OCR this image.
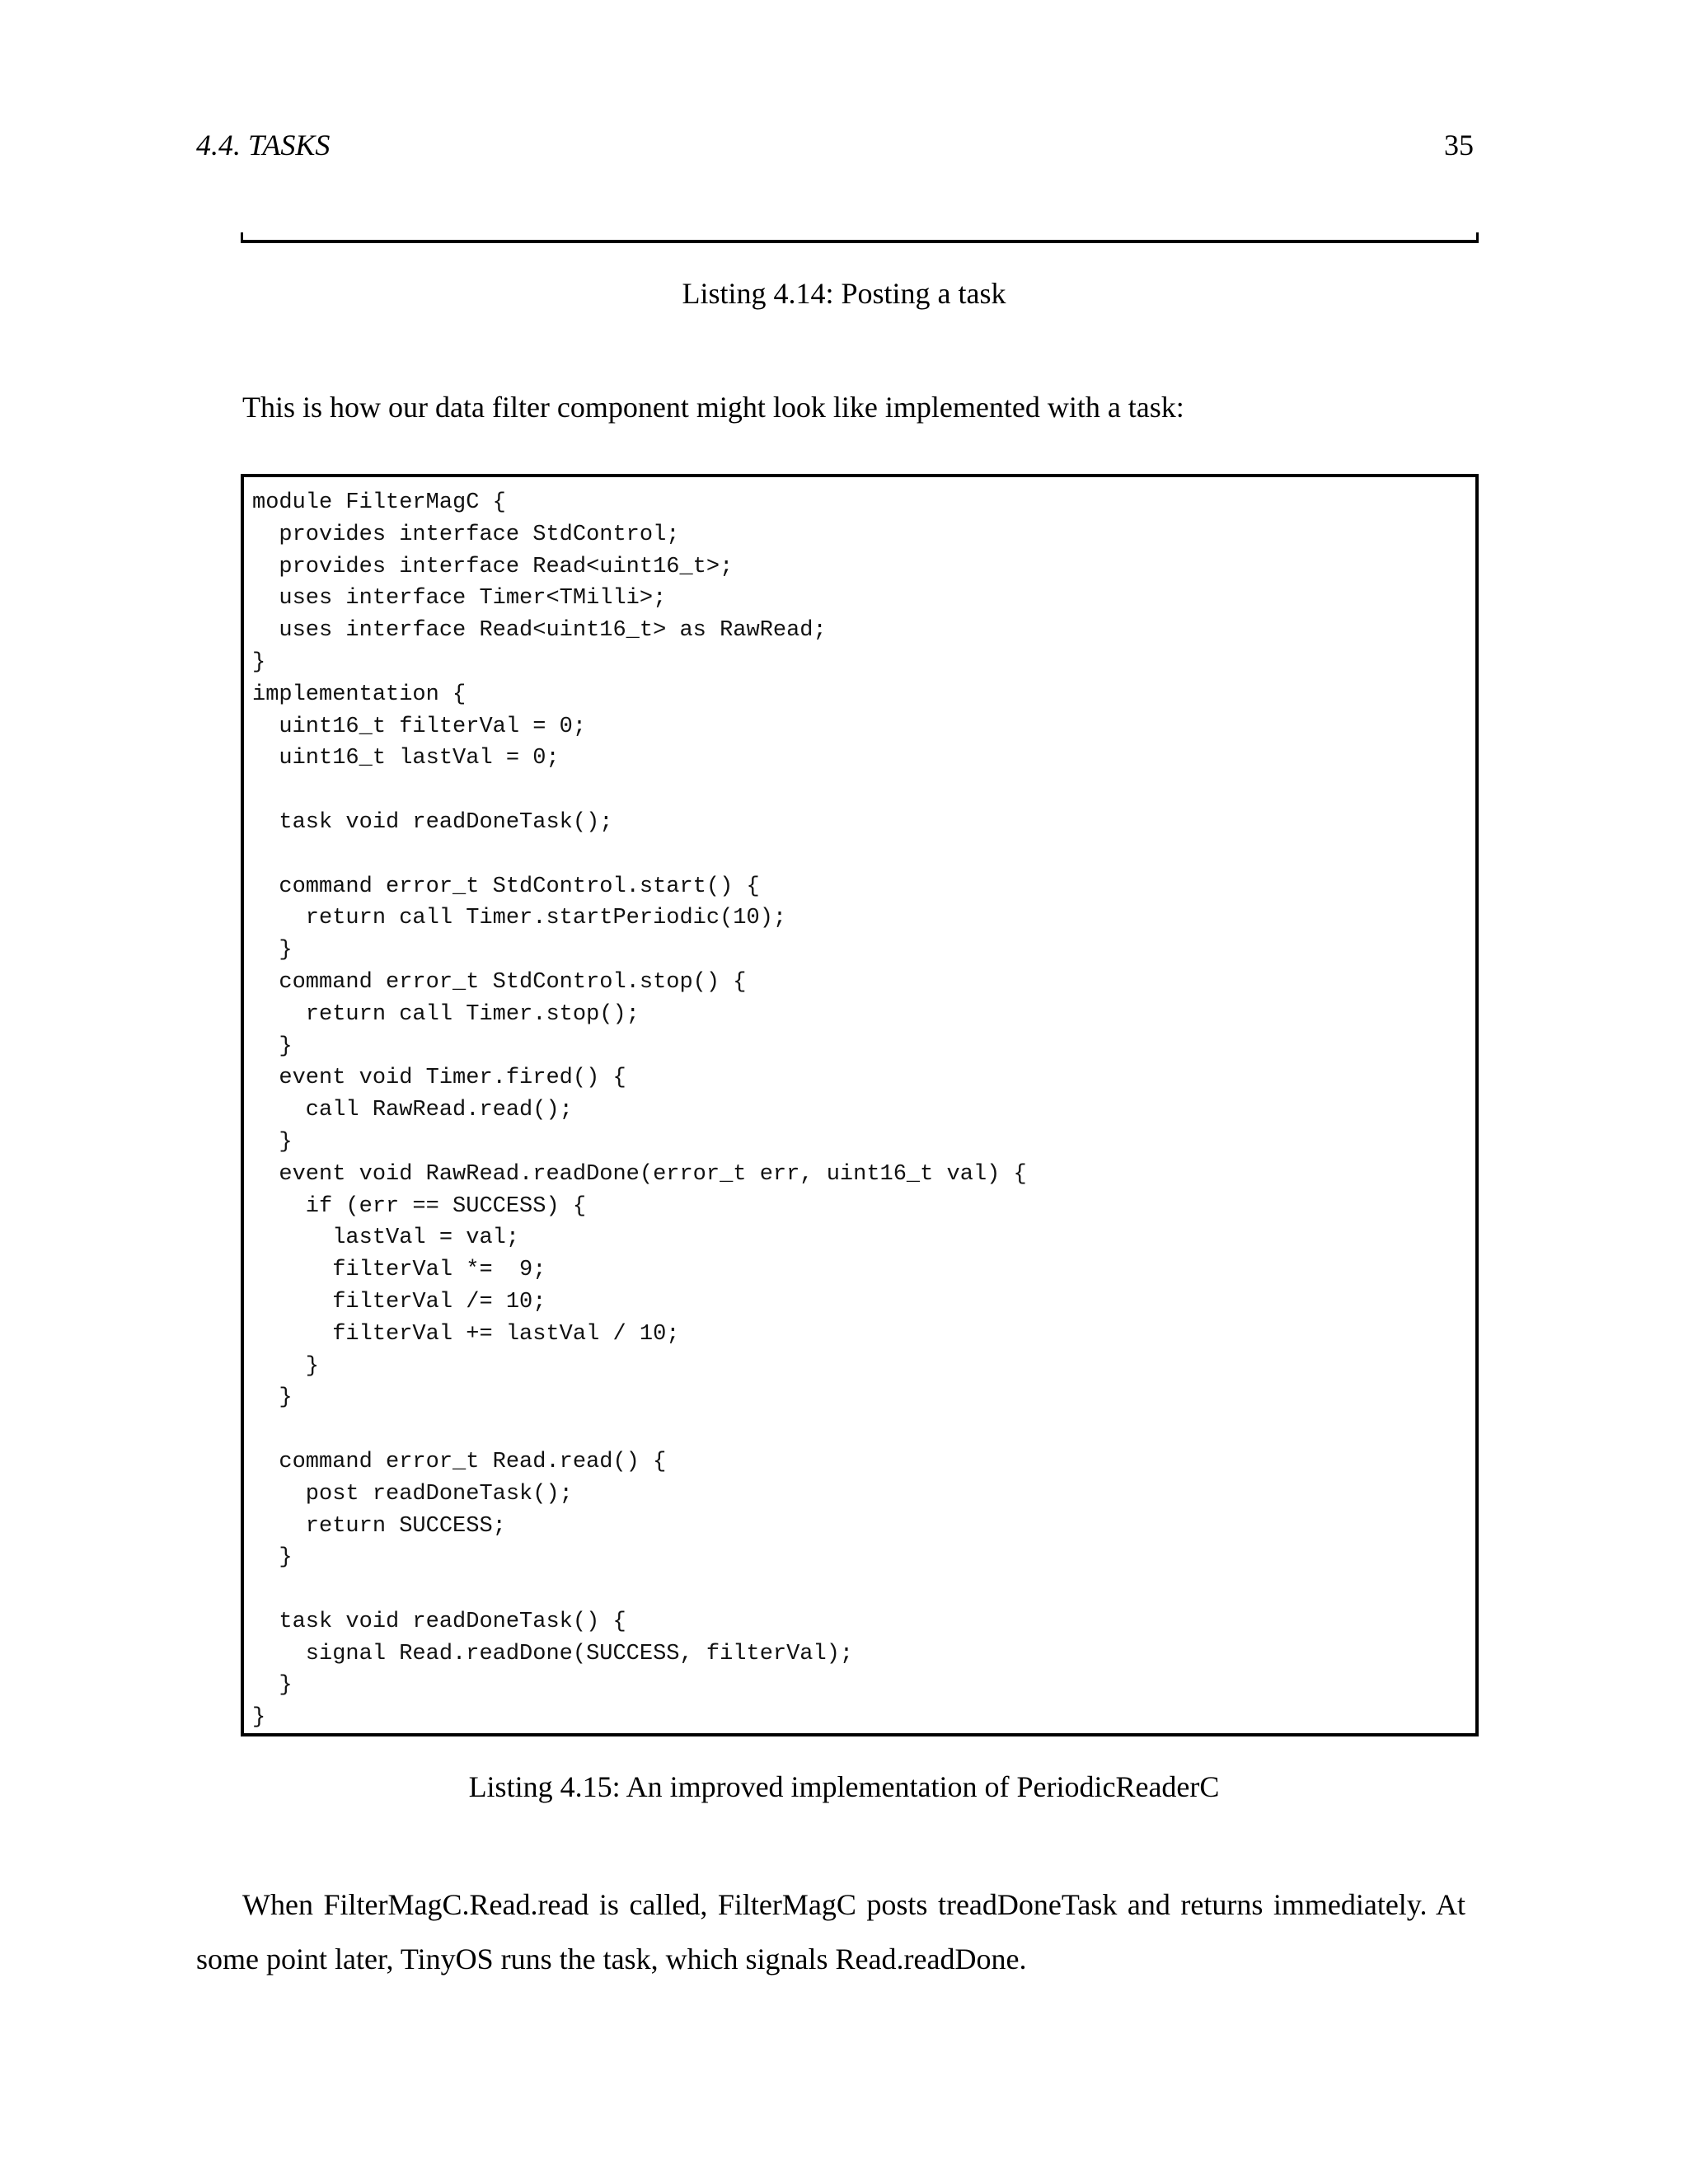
4.4. TASKS	35
Listing 4.14: Posting a task
This is how our data filter component might look like implemented with a task:
module FilterMagC {
provides interface StdControl;
provides interface Read<uint16_t>;
uses interface Timer<TMilli>;
uses interface Read<uint16_t> as RawRead;
}
implementation {
uint16_t filterVal = 0;
uint16_t lastVal = 0;
task void readDoneTask();
command error_t StdControl.start() {
return call Timer.startPeriodic(10);
}
command error_t StdControl.stop() {
return call Timer.stop();
}
event void Timer.fired() {
call RawRead.read();
}
event void RawRead.readDone(error_t err, uint16_t val) {
if (err == SUCCESS) {
lastVal = val;
filterVal *=  9;
filterVal /= 10;
filterVal += lastVal / 10;
}
}
command error_t Read.read() {
post readDoneTask();
return SUCCESS;
}
task void readDoneTask() {
signal Read.readDone(SUCCESS, filterVal);
}
}
Listing 4.15: An improved implementation of PeriodicReaderC
When FilterMagC.Read.read is called, FilterMagC posts treadDoneTask and returns immediately. At some point later, TinyOS runs the task, which signals Read.readDone.
